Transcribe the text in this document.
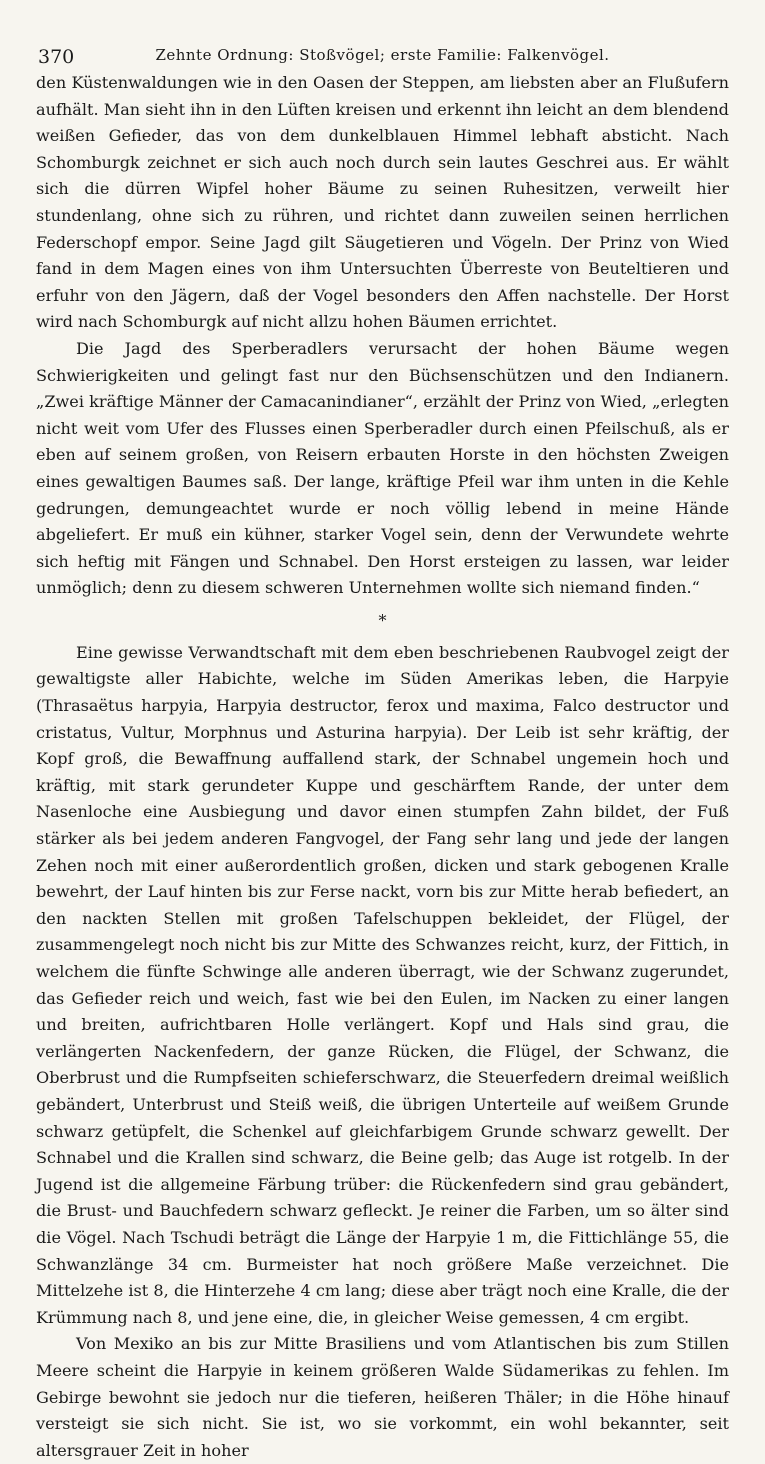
370	Zehnte Ordnung: Stoßvögel; erste Familie: Falkenvögel.

den Küstenwaldungen wie in den Oasen der Steppen, am liebsten aber an Flußufern aufhält. Man sieht ihn in den Lüften kreisen und erkennt ihn leicht an dem blendend weißen Gefieder, das von dem dunkelblauen Himmel lebhaft absticht. Nach Schomburgk zeichnet er sich auch noch durch sein lautes Geschrei aus. Er wählt sich die dürren Wipfel hoher Bäume zu seinen Ruhesitzen, verweilt hier stundenlang, ohne sich zu rühren, und richtet dann zuweilen seinen herrlichen Federschopf empor. Seine Jagd gilt Säugetieren und Vögeln. Der Prinz von Wied fand in dem Magen eines von ihm Untersuchten Überreste von Beuteltieren und erfuhr von den Jägern, daß der Vogel besonders den Affen nachstelle. Der Horst wird nach Schomburgk auf nicht allzu hohen Bäumen errichtet.

Die Jagd des Sperberadlers verursacht der hohen Bäume wegen Schwierigkeiten und gelingt fast nur den Büchsenschützen und den Indianern. „Zwei kräftige Männer der Camacanindianer“, erzählt der Prinz von Wied, „erlegten nicht weit vom Ufer des Flusses einen Sperberadler durch einen Pfeilschuß, als er eben auf seinem großen, von Reisern erbauten Horste in den höchsten Zweigen eines gewaltigen Baumes saß. Der lange, kräftige Pfeil war ihm unten in die Kehle gedrungen, demungeachtet wurde er noch völlig lebend in meine Hände abgeliefert. Er muß ein kühner, starker Vogel sein, denn der Verwundete wehrte sich heftig mit Fängen und Schnabel. Den Horst ersteigen zu lassen, war leider unmöglich; denn zu diesem schweren Unternehmen wollte sich niemand finden.“

*

Eine gewisse Verwandtschaft mit dem eben beschriebenen Raubvogel zeigt der gewaltigste aller Habichte, welche im Süden Amerikas leben, die Harpyie (Thrasaëtus harpyia, Harpyia destructor, ferox und maxima, Falco destructor und cristatus, Vultur, Morphnus und Asturina harpyia). Der Leib ist sehr kräftig, der Kopf groß, die Bewaffnung auffallend stark, der Schnabel ungemein hoch und kräftig, mit stark gerundeter Kuppe und geschärftem Rande, der unter dem Nasenloche eine Ausbiegung und davor einen stumpfen Zahn bildet, der Fuß stärker als bei jedem anderen Fangvogel, der Fang sehr lang und jede der langen Zehen noch mit einer außerordentlich großen, dicken und stark gebogenen Kralle bewehrt, der Lauf hinten bis zur Ferse nackt, vorn bis zur Mitte herab befiedert, an den nackten Stellen mit großen Tafelschuppen bekleidet, der Flügel, der zusammengelegt noch nicht bis zur Mitte des Schwanzes reicht, kurz, der Fittich, in welchem die fünfte Schwinge alle anderen überragt, wie der Schwanz zugerundet, das Gefieder reich und weich, fast wie bei den Eulen, im Nacken zu einer langen und breiten, aufrichtbaren Holle verlängert. Kopf und Hals sind grau, die verlängerten Nackenfedern, der ganze Rücken, die Flügel, der Schwanz, die Oberbrust und die Rumpfseiten schieferschwarz, die Steuerfedern dreimal weißlich gebändert, Unterbrust und Steiß weiß, die übrigen Unterteile auf weißem Grunde schwarz getüpfelt, die Schenkel auf gleichfarbigem Grunde schwarz gewellt. Der Schnabel und die Krallen sind schwarz, die Beine gelb; das Auge ist rotgelb. In der Jugend ist die allgemeine Färbung trüber: die Rückenfedern sind grau gebändert, die Brust- und Bauchfedern schwarz gefleckt. Je reiner die Farben, um so älter sind die Vögel. Nach Tschudi beträgt die Länge der Harpyie 1 m, die Fittichlänge 55, die Schwanzlänge 34 cm. Burmeister hat noch größere Maße verzeichnet. Die Mittelzehe ist 8, die Hinterzehe 4 cm lang; diese aber trägt noch eine Kralle, die der Krümmung nach 8, und jene eine, die, in gleicher Weise gemessen, 4 cm ergibt.

Von Mexiko an bis zur Mitte Brasiliens und vom Atlantischen bis zum Stillen Meere scheint die Harpyie in keinem größeren Walde Südamerikas zu fehlen. Im Gebirge bewohnt sie jedoch nur die tieferen, heißeren Thäler; in die Höhe hinauf versteigt sie sich nicht. Sie ist, wo sie vorkommt, ein wohl bekannter, seit altersgrauer Zeit in hoher
